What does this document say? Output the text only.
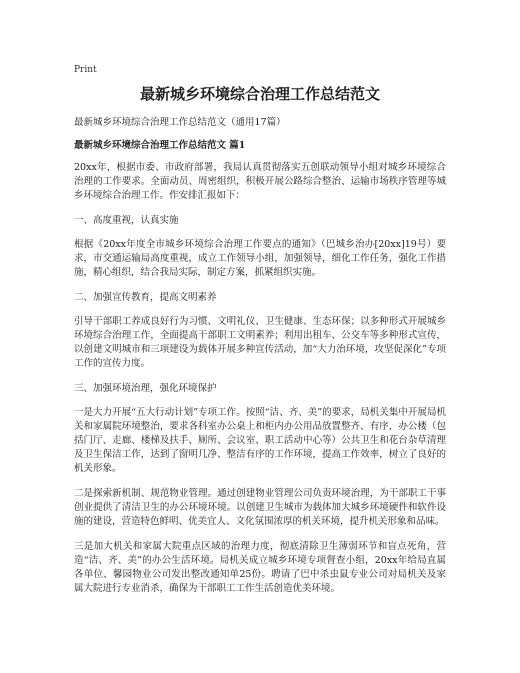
Print
最新城乡环境综合治理工作总结范文
最新城乡环境综合治理工作总结范文（通用17篇）
最新城乡环境综合治理工作总结范文 篇1

20xx年，根据市委、市政府部署，我局认真贯彻落实五创联动领导小组对城乡环境综合治理的工作要求。全面动员、周密组织，积极开展公路综合整治、运输市场秩序管理等城乡环境综合治理工作。作安排汇报如下：

一、高度重视，认真实施

根据《20xx年度全市城乡环境综合治理工作要点的通知》（巴城乡治办[20xx]19号）要求，市交通运输局高度重视，成立工作领导小组，加强领导，细化工作任务，强化工作措施，精心组织，结合我局实际，制定方案，抓紧组织实施。

二、加强宣传教育，提高文明素养

引导干部职工养成良好行为习惯、文明礼仪、卫生健康、生态环保；以多种形式开展城乡环境综合治理工作，全面提高干部职工文明素养；利用出租车、公交车等多种形式宣传，以创建文明城市和三项建设为载体开展多种宣传活动，加“大力治环境，攻坚促深化”专项工作的宣传力度。

三、加强环境治理，强化环境保护

一是大力开展“五大行动计划”专项工作。按照“洁、齐、美”的要求，局机关集中开展局机关和家属院环境整治，要求各科室办公桌上和柜内办公用品放置整齐、有序，办公楼（包括门厅、走廊、楼梯及扶手、厕所、会议室、职工活动中心等）公共卫生和花台杂草清理及卫生保洁工作，达到了窗明几净、整洁有序的工作环境，提高工作效率，树立了良好的机关形象。

二是探索新机制、规范物业管理。通过创建物业管理公司负责环境治理，为干部职工干事创业提供了清洁卫生的办公环境环境。以创建卫生城市为载体加大城乡环境硬件和软件设施的建设，营造特色鲜明、优美宜人、文化氛围浓厚的机关环境，提升机关形象和品味。

三是加大机关和家属大院重点区域的治理力度，彻底清除卫生薄弱环节和盲点死角，营造“洁、齐、美”的办公生活环境。局机关成立城乡环境专项督查小组，20xx年给局直属各单位、馨园物业公司发出整改通知单25份。聘请了巴中杀虫鼠专业公司对局机关及家属大院进行专业消杀，确保为干部职工工作生活创造优美环境。
